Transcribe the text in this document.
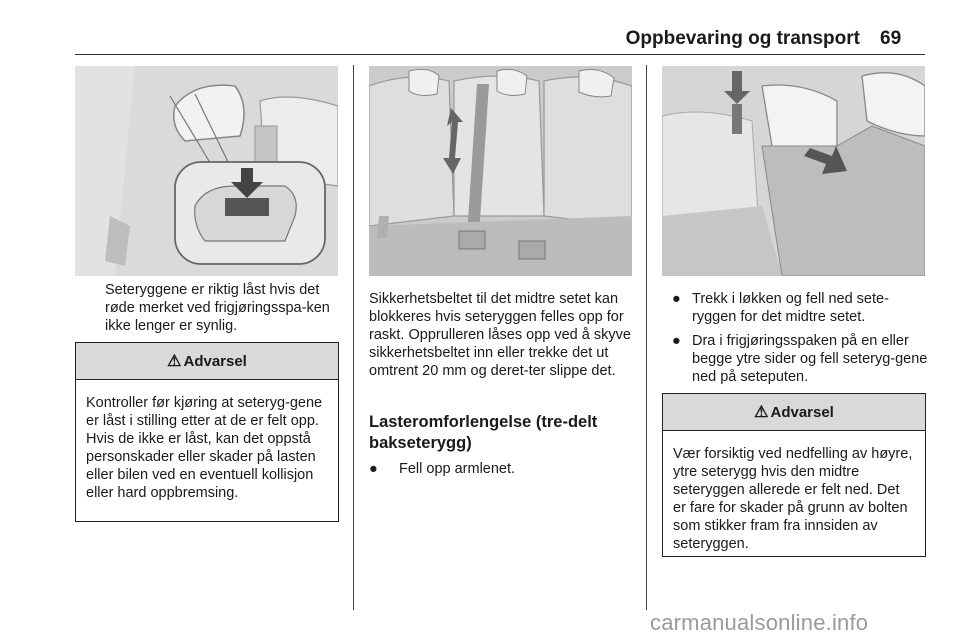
Oppbevaring og transport 69
Seteryggene er riktig låst hvis det røde merket ved frigjøringsspa-ken ikke lenger er synlig.
⚠ Advarsel
Kontroller før kjøring at seteryg-gene er låst i stilling etter at de er felt opp. Hvis de ikke er låst, kan det oppstå personskader eller skader på lasten eller bilen ved en eventuell kollisjon eller hard oppbremsing.
Sikkerhetsbeltet til det midtre setet kan blokkeres hvis seteryggen felles opp for raskt. Opprulleren låses opp ved å skyve sikkerhetsbeltet inn eller trekke det ut omtrent 20 mm og deret-ter slippe det.
Lasteromforlengelse (tre-delt bakseterygg)
●	Fell opp armlenet.
● Trekk i løkken og fell ned sete-ryggen for det midtre setet.
● Dra i frigjøringsspaken på en eller begge ytre sider og fell seteryg-gene ned på seteputen.
⚠ Advarsel
Vær forsiktig ved nedfelling av høyre, ytre seterygg hvis den midtre seteryggen allerede er felt ned. Det er fare for skader på grunn av bolten som stikker fram fra innsiden av seteryggen.
carmanualsonline.info
